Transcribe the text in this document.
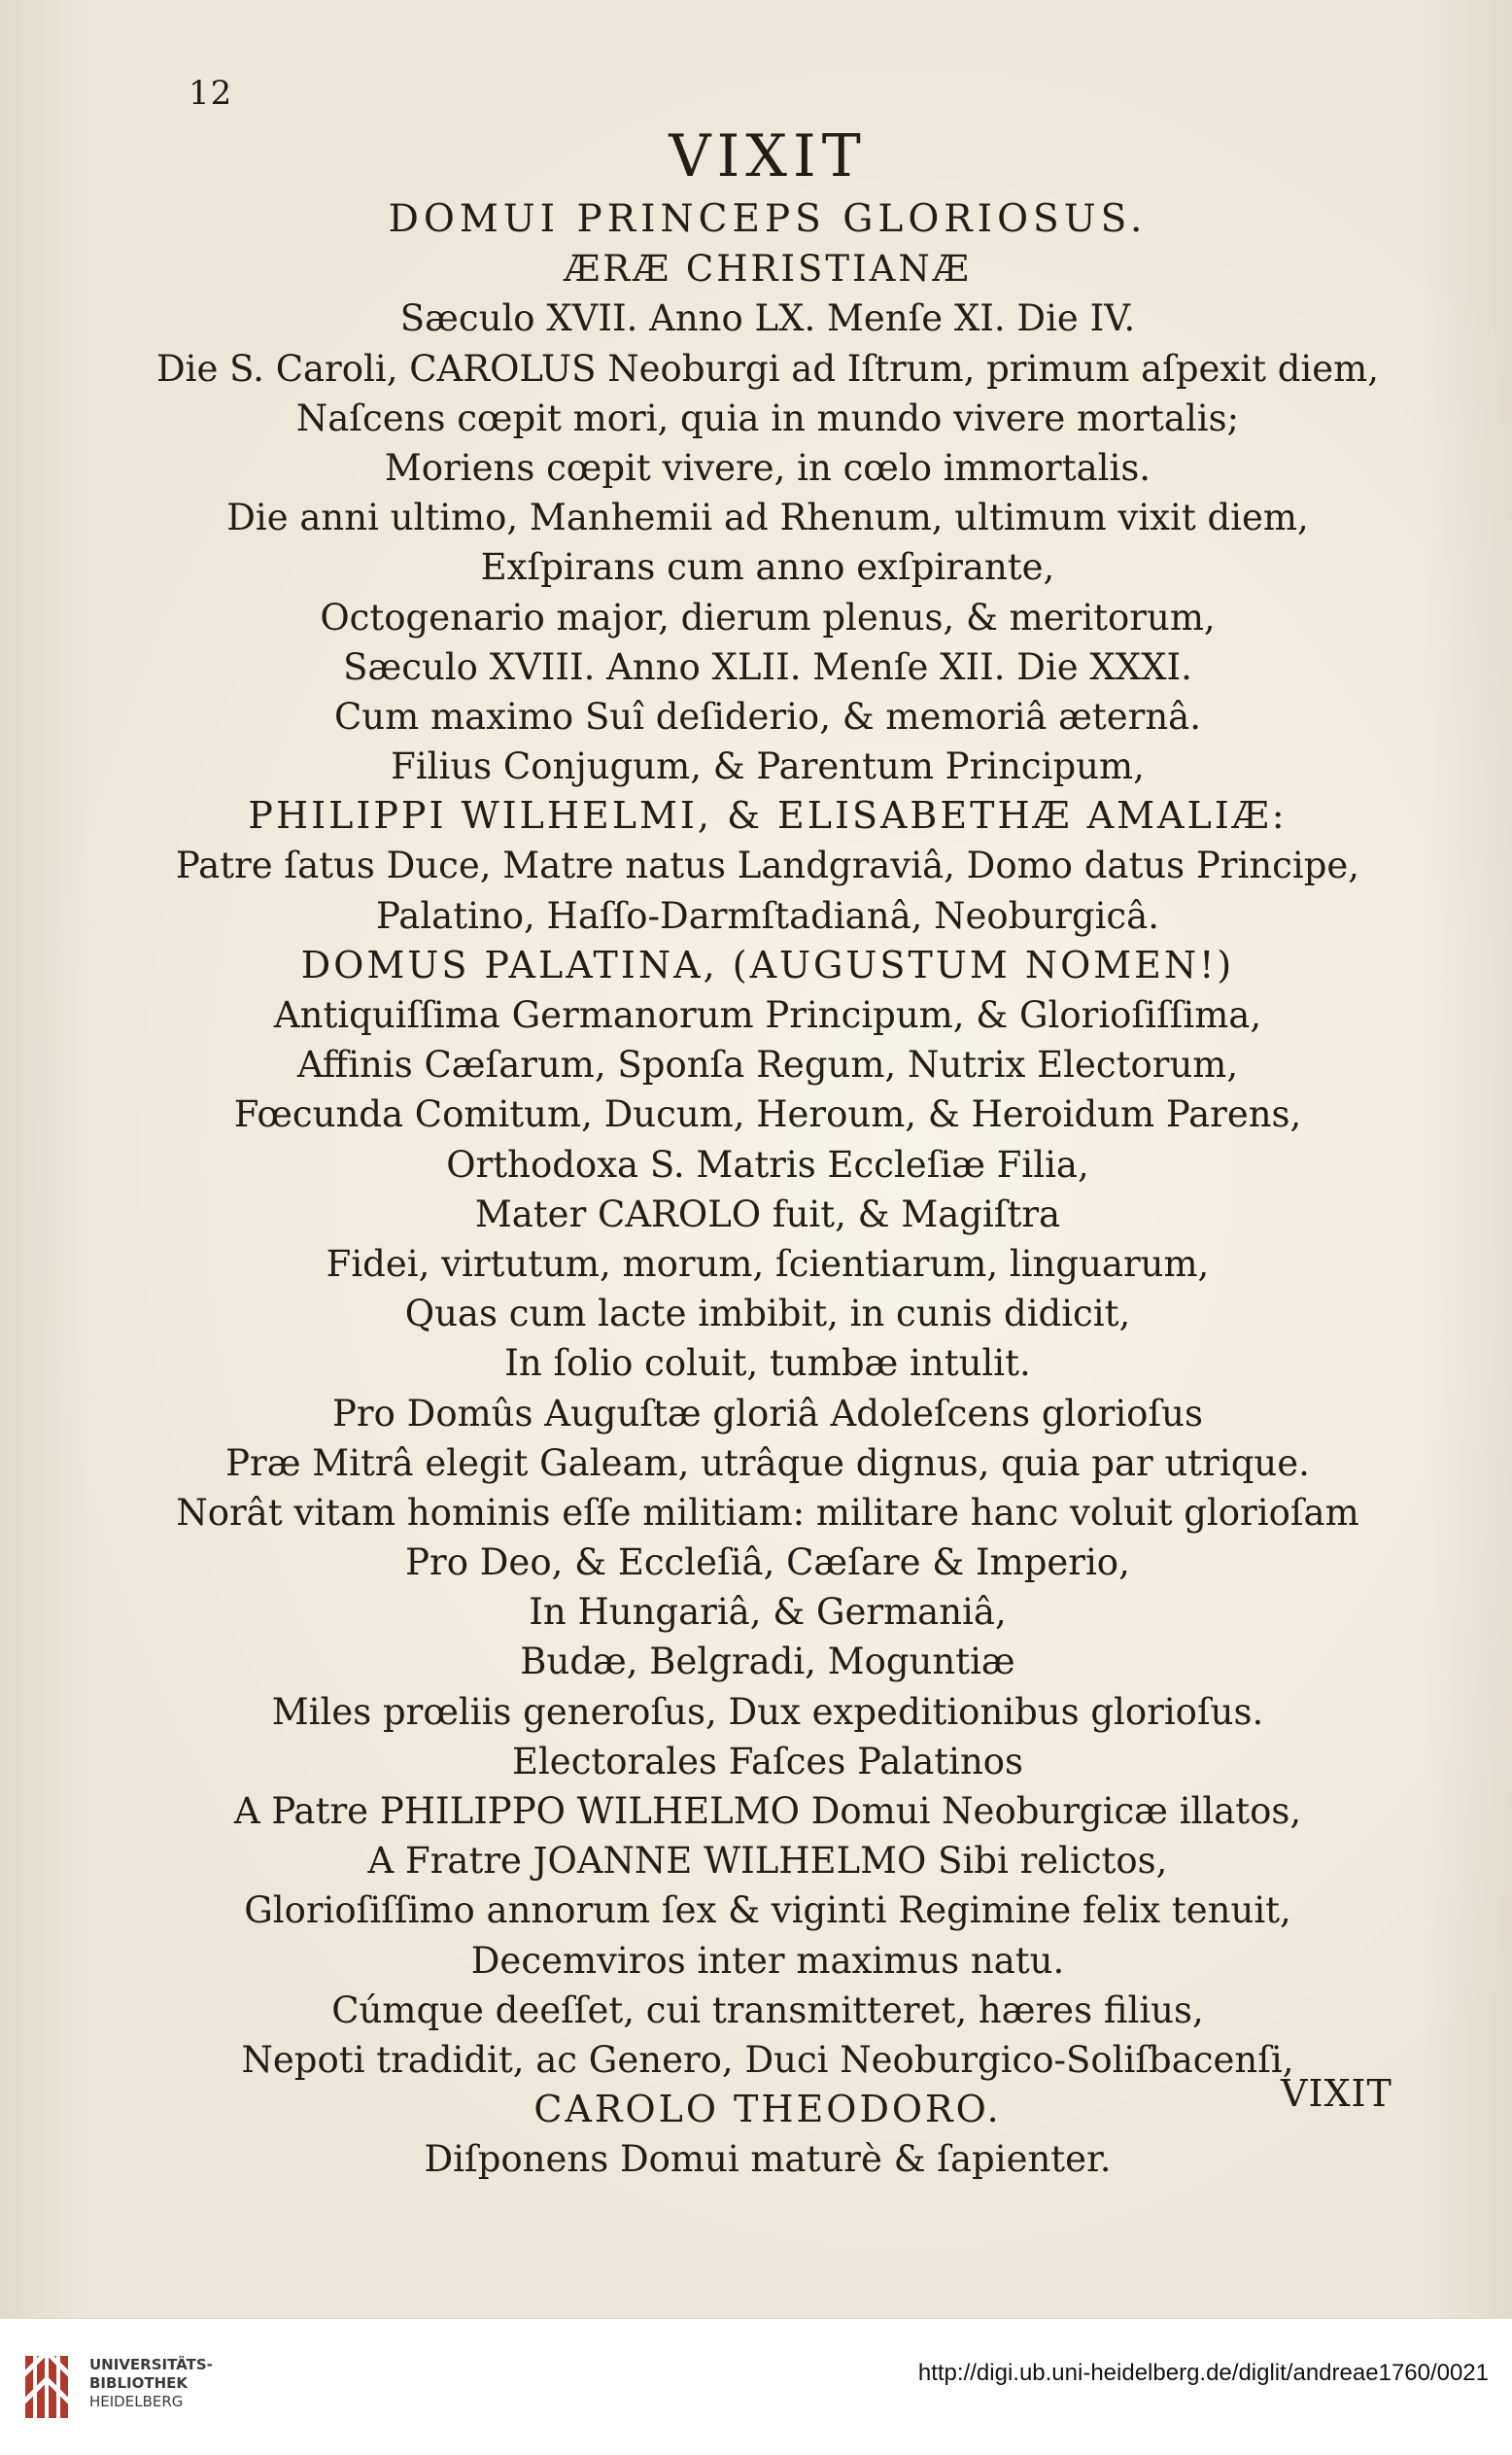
12
VIXIT
DOMUI PRINCEPS GLORIOSUS.
ÆRÆ CHRISTIANÆ
Sæculo XVII. Anno LX. Menſe XI. Die IV.
Die S. Caroli, CAROLUS Neoburgi ad Iſtrum, primum aſpexit diem,
Naſcens cœpit mori, quia in mundo vivere mortalis;
Moriens cœpit vivere, in cœlo immortalis.
Die anni ultimo, Manhemii ad Rhenum, ultimum vixit diem,
Exſpirans cum anno exſpirante,
Octogenario major, dierum plenus, & meritorum,
Sæculo XVIII. Anno XLII. Menſe XII. Die XXXI.
Cum maximo Suî deſiderio, & memoriâ æternâ.
Filius Conjugum, & Parentum Principum,
PHILIPPI WILHELMI, & ELISABETHÆ AMALIÆ:
Patre ſatus Duce, Matre natus Landgraviâ, Domo datus Principe,
Palatino, Haſſo-Darmſtadianâ, Neoburgicâ.
DOMUS PALATINA, (AUGUSTUM NOMEN!)
Antiquiſſima Germanorum Principum, & Glorioſiſſima,
Affinis Cæſarum, Sponſa Regum, Nutrix Electorum,
Fœcunda Comitum, Ducum, Heroum, & Heroidum Parens,
Orthodoxa S. Matris Eccleſiæ Filia,
Mater CAROLO fuit, & Magiſtra
Fidei, virtutum, morum, ſcientiarum, linguarum,
Quas cum lacte imbibit, in cunis didicit,
In ſolio coluit, tumbæ intulit.
Pro Domûs Auguſtæ gloriâ Adoleſcens glorioſus
Præ Mitrâ elegit Galeam, utrâque dignus, quia par utrique.
Norât vitam hominis eſſe militiam: militare hanc voluit glorioſam
Pro Deo, & Eccleſiâ, Cæſare & Imperio,
In Hungariâ, & Germaniâ,
Budæ, Belgradi, Moguntiæ
Miles prœliis generoſus, Dux expeditionibus glorioſus.
Electorales Faſces Palatinos
A Patre PHILIPPO WILHELMO Domui Neoburgicæ illatos,
A Fratre JOANNE WILHELMO Sibi relictos,
Glorioſiſſimo annorum ſex & viginti Regimine felix tenuit,
Decemviros inter maximus natu.
Cúmque deeſſet, cui transmitteret, hæres filius,
Nepoti tradidit, ac Genero, Duci Neoburgico-Soliſbacenſi,
CAROLO THEODORO.
Diſponens Domui maturè & ſapienter.
VIXIT
UNIVERSITÄTS-
BIBLIOTHEK
HEIDELBERG
http://digi.ub.uni-heidelberg.de/diglit/andreae1760/0021
